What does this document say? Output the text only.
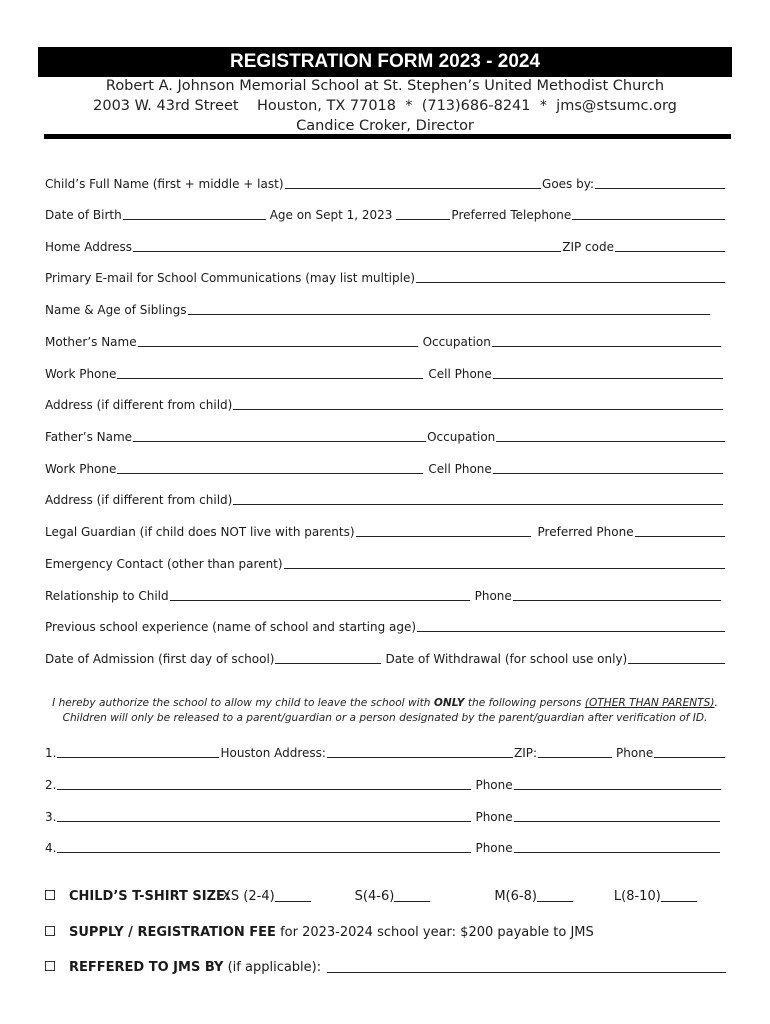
REGISTRATION FORM 2023 - 2024
Robert A. Johnson Memorial School at St. Stephen’s United Methodist Church
2003 W. 43rd Street    Houston, TX 77018  *  (713)686-8241  *  jms@stsumc.org
Candice Croker, Director
Child’s Full Name (first + middle + last)	Goes by:
Date of Birth	Age on Sept 1, 2023	Preferred Telephone
Home Address	ZIP code
Primary E-mail for School Communications (may list multiple)
Name & Age of Siblings
Mother’s Name	Occupation
Work Phone	Cell Phone
Address (if different from child)
Father’s Name	Occupation
Work Phone	Cell Phone
Address (if different from child)
Legal Guardian (if child does NOT live with parents)	Preferred Phone
Emergency Contact (other than parent)
Relationship to Child	Phone
Previous school experience (name of school and starting age)
Date of Admission (first day of school)	Date of Withdrawal (for school use only)
I hereby authorize the school to allow my child to leave the school with ONLY the following persons (OTHER THAN PARENTS).
Children will only be released to a parent/guardian or a person designated by the parent/guardian after verification of ID.
1.	Houston Address:	ZIP:	Phone
2.	Phone
3.	Phone
4.	Phone
CHILD’S T-SHIRT SIZE:
XS (2-4)	S(4-6)	M(6-8)	L(8-10)
SUPPLY / REGISTRATION FEE for 2023-2024 school year: $200 payable to JMS
REFFERED TO JMS BY (if applicable):
